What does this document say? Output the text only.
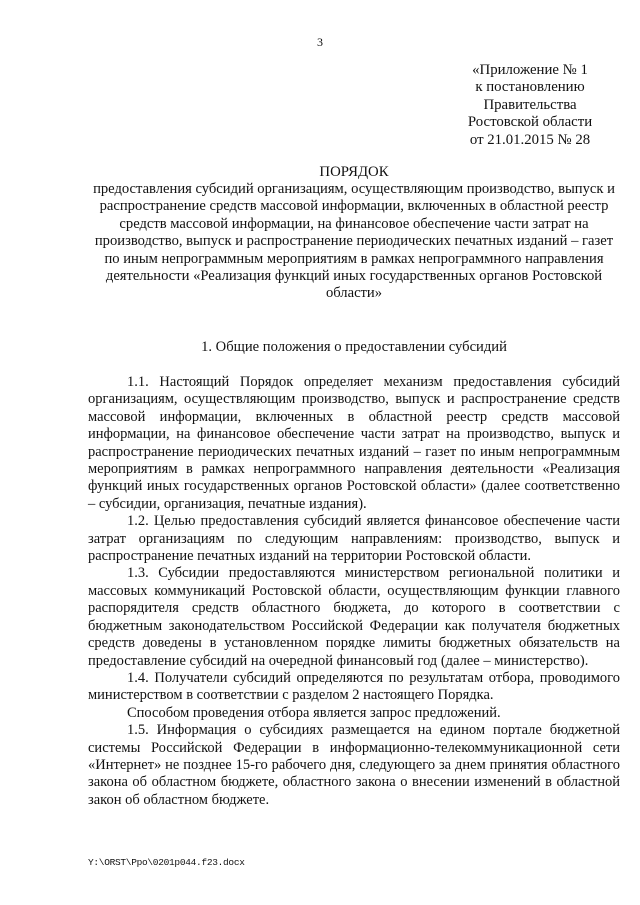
3
«Приложение № 1
к постановлению
Правительства
Ростовской области
от 21.01.2015 № 28
ПОРЯДОК
предоставления субсидий организациям, осуществляющим производство, выпуск и распространение средств массовой информации, включенных в областной реестр средств массовой информации, на финансовое обеспечение части затрат на производство, выпуск и распространение периодических печатных изданий – газет по иным непрограммным мероприятиям в рамках непрограммного направления деятельности «Реализация функций иных государственных органов Ростовской области»
1. Общие положения о предоставлении субсидий

1.1. Настоящий Порядок определяет механизм предоставления субсидий организациям, осуществляющим производство, выпуск и распространение средств массовой информации, включенных в областной реестр средств массовой информации, на финансовое обеспечение части затрат на производство, выпуск и распространение периодических печатных изданий – газет по иным непрограммным мероприятиям в рамках непрограммного направления деятельности «Реализация функций иных государственных органов Ростовской области» (далее соответственно – субсидии, организация, печатные издания).

1.2. Целью предоставления субсидий является финансовое обеспечение части затрат организациям по следующим направлениям: производство, выпуск и распространение печатных изданий на территории Ростовской области.

1.3. Субсидии предоставляются министерством региональной политики и массовых коммуникаций Ростовской области, осуществляющим функции главного распорядителя средств областного бюджета, до которого в соответствии с бюджетным законодательством Российской Федерации как получателя бюджетных средств доведены в установленном порядке лимиты бюджетных обязательств на предоставление субсидий на очередной финансовый год (далее – министерство).

1.4. Получатели субсидий определяются по результатам отбора, проводимого министерством в соответствии с разделом 2 настоящего Порядка.

Способом проведения отбора является запрос предложений.

1.5. Информация о субсидиях размещается на едином портале бюджетной системы Российской Федерации в информационно-телекоммуникационной сети «Интернет» не позднее 15-го рабочего дня, следующего за днем принятия областного закона об областном бюджете, областного закона о внесении изменений в областной закон об областном бюджете.

Y:\ORST\Ppo\0201p044.f23.docx
